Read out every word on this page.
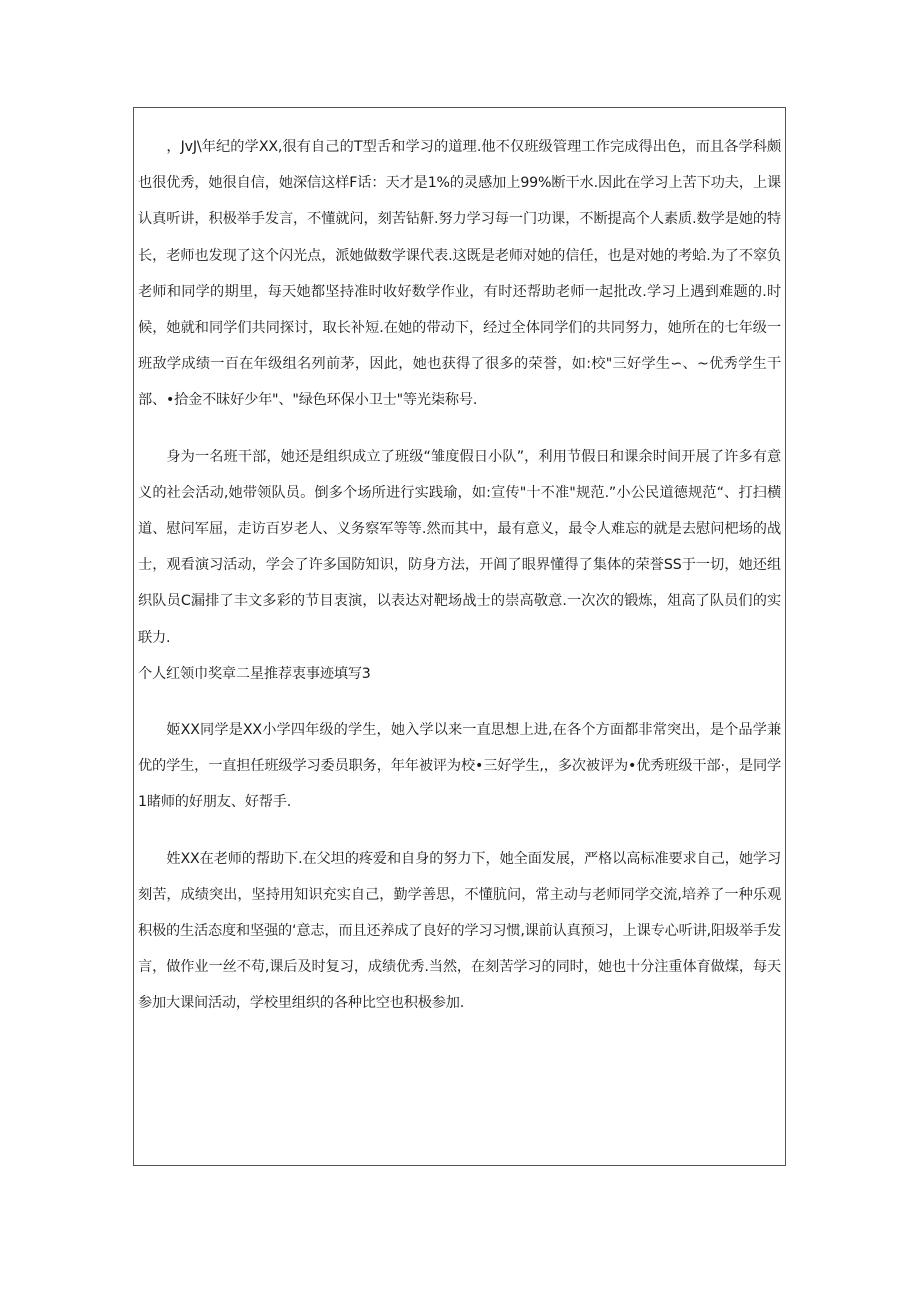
，JvJ\年纪的学XX,很有自己的T型舌和学习的道理.他不仅班级管理工作完成得出色，而且各学科颇也很优秀，她很自信，她深信这样F话：天才是1%的灵感加上99%断干水.因此在学习上苦下功夫，上课认真听讲，积极举手发言，不懂就问，刻苦钻鼾.努力学习每一门功课，不断提高个人素质.数学是她的特长，老师也发现了这个闪光点，派她做数学课代表.这既是老师对她的信任，也是对她的考蛤.为了不窣负老师和同学的期里，每天她都坚持准时收好数学作业，有时还帮助老师一起批改.学习上遇到难题的.时候，她就和同学们共同探讨，取长补短.在她的带动下，经过全体同学们的共同努力，她所在的七年级一班敌学成绩一百在年级组名列前茅，因此，她也获得了很多的荣誉，如:校"三好学生∽、~优秀学生干部、•拾金不昧好少年"、"绿色环保小卫士"等光柒称号.

身为一名班干部，她还是组织成立了班级“雏度假日小队”，利用节假日和课余时间开展了许多有意义的社会活动,她带领队员。倒多个场所进行实践瑜，如:宣传"十不准"规范.”小公民道德规范“、打扫横道、慰问军屈，走访百岁老人、义务察军等等.然而其中，最有意义，最令人难忘的就是去慰问杷场的战士，观看演习活动，学会了许多国防知识，防身方法，开阊了眼界懂得了集体的荣誉SS于一切，她还组织队员C漏排了丰文多彩的节目衷演，以表达对靶场战士的崇高敬意.一次次的锻炼，俎高了队员们的实联力.

个人红领巾奖章二星推荐衷事迹填写3

姬XX同学是XX小学四年级的学生，她入学以来一直思想上进,在各个方面都非常突出，是个品学兼优的学生，一直担任班级学习委员职务，年年被评为校•三好学生,，多次被评为•优秀班级干部·，是同学1睹师的好朋友、好帮手.

姓XX在老师的帮助下.在父坦的疼爱和自身的努力下，她全面发展，严格以高标准要求自己，她学习刻苦，成绩突出，坚持用知识充实自己，勤学善思，不懂肮问，常主动与老师同学交流,培养了一种乐观积极的生活态度和坚强的‘意志，而且还养成了良好的学习习惯,课前认真预习，上课专心听讲,阳圾举手发言，做作业一丝不苟,课后及时复习，成绩优秀.当然，在刻苦学习的同时，她也十分注重体育做煤，每天参加大课间活动，学校里组织的各种比空也积极参加.
